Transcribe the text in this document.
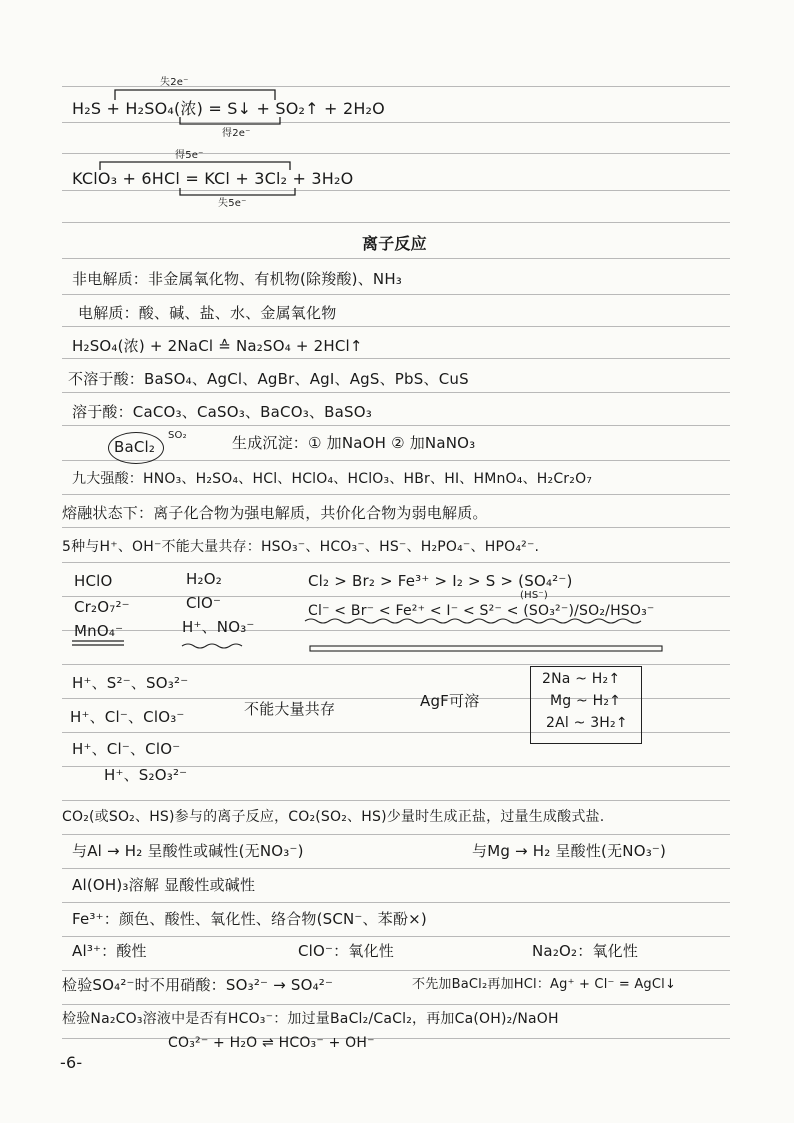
失2e⁻
H₂S + H₂SO₄(浓) = S↓ + SO₂↑ + 2H₂O
得2e⁻
得5e⁻
KClO₃ + 6HCl = KCl + 3Cl₂ + 3H₂O
失5e⁻
离子反应
非电解质：非金属氧化物、有机物(除羧酸)、NH₃
电解质：酸、碱、盐、水、金属氧化物
H₂SO₄(浓) + 2NaCl ≙ Na₂SO₄ + 2HCl↑
不溶于酸：BaSO₄、AgCl、AgBr、AgI、AgS、PbS、CuS
溶于酸：CaCO₃、CaSO₃、BaCO₃、BaSO₃
BaCl₂
SO₂	生成沉淀：① 加NaOH ② 加NaNO₃
九大强酸：HNO₃、H₂SO₄、HCl、HClO₄、HClO₃、HBr、HI、HMnO₄、H₂Cr₂O₇
熔融状态下：离子化合物为强电解质，共价化合物为弱电解质。
5种与H⁺、OH⁻不能大量共存：HSO₃⁻、HCO₃⁻、HS⁻、H₂PO₄⁻、HPO₄²⁻.
HClO
Cr₂O₇²⁻
MnO₄⁻
H₂O₂
ClO⁻
H⁺、NO₃⁻
Cl₂ > Br₂ > Fe³⁺ > I₂ > S > (SO₄²⁻)
(HS⁻)
Cl⁻ < Br⁻ < Fe²⁺ < I⁻ < S²⁻ < (SO₃²⁻)/SO₂/HSO₃⁻
H⁺、S²⁻、SO₃²⁻
H⁺、Cl⁻、ClO₃⁻
H⁺、Cl⁻、ClO⁻
H⁺、S₂O₃²⁻
不能大量共存	AgF可溶
2Na ~ H₂↑
Mg ~ H₂↑
2Al ~ 3H₂↑
CO₂(或SO₂、HS)参与的离子反应，CO₂(SO₂、HS)少量时生成正盐，过量生成酸式盐.
与Al → H₂ 呈酸性或碱性(无NO₃⁻)	与Mg → H₂ 呈酸性(无NO₃⁻)
Al(OH)₃溶解 显酸性或碱性
Fe³⁺：颜色、酸性、氧化性、络合物(SCN⁻、苯酚×)
Al³⁺：酸性	ClO⁻：氧化性	Na₂O₂：氧化性
检验SO₄²⁻时不用硝酸：SO₃²⁻ → SO₄²⁻	不先加BaCl₂再加HCl：Ag⁺ + Cl⁻ = AgCl↓
检验Na₂CO₃溶液中是否有HCO₃⁻：加过量BaCl₂/CaCl₂，再加Ca(OH)₂/NaOH
CO₃²⁻ + H₂O ⇌ HCO₃⁻ + OH⁻
-6-
